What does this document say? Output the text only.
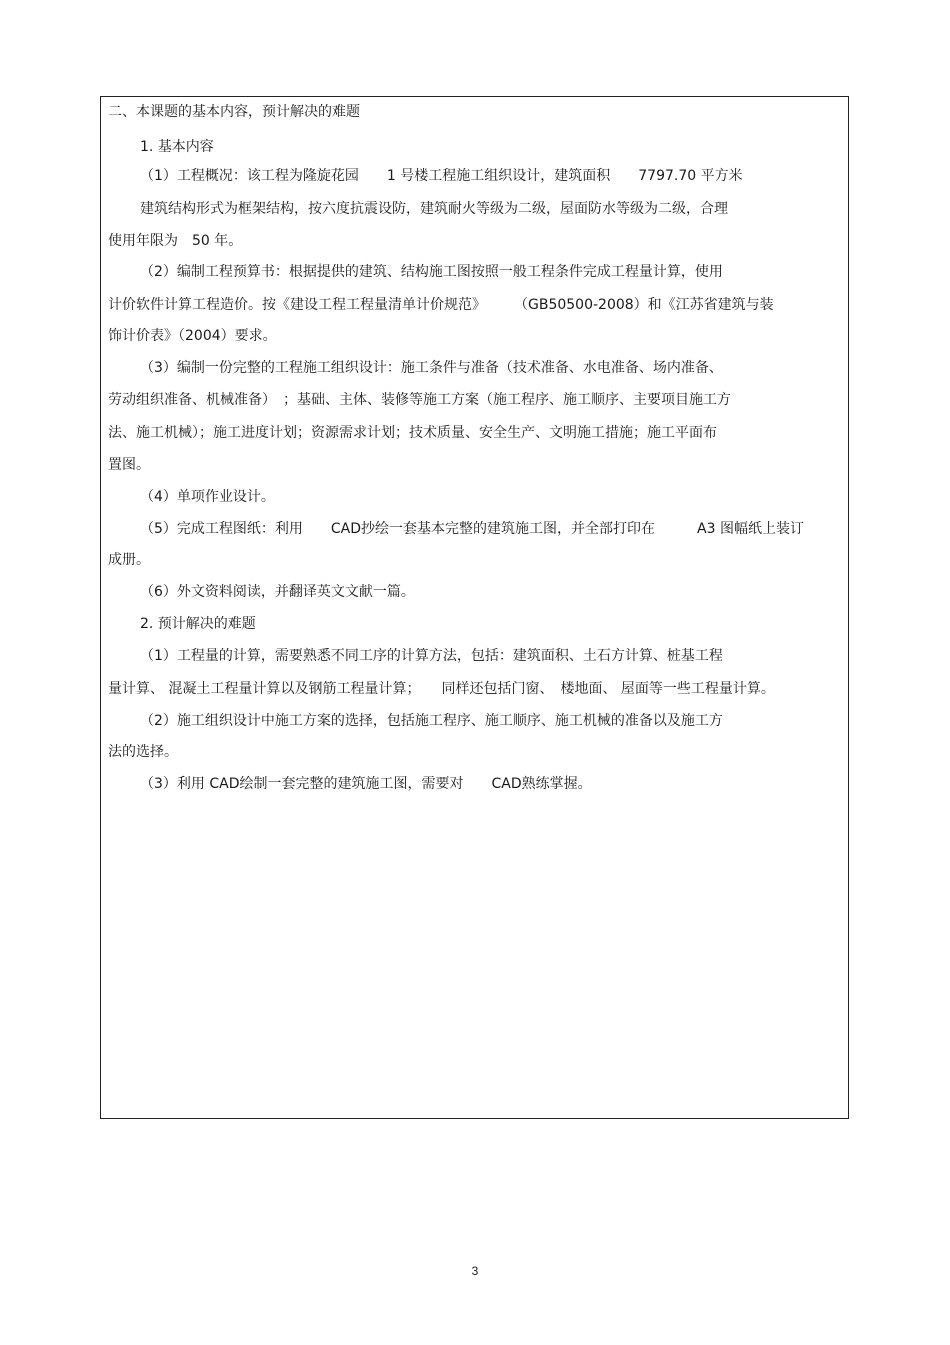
二、本课题的基本内容，预计解决的难题
1. 基本内容
（1）工程概况：该工程为隆旋花园　　1 号楼工程施工组织设计，建筑面积　　7797.70 平方米
建筑结构形式为框架结构，按六度抗震设防，建筑耐火等级为二级，屋面防水等级为二级，合理
使用年限为　50 年。
（2）编制工程预算书：根据提供的建筑、结构施工图按照一般工程条件完成工程量计算，使用
计价软件计算工程造价。按《建设工程工程量清单计价规范》　　　（GB50500-2008）和《江苏省建筑与装
饰计价表》（2004）要求。
（3）编制一份完整的工程施工组织设计：施工条件与准备（技术准备、水电准备、场内准备、
劳动组织准备、机械准备）　；基础、主体、装修等施工方案（施工程序、施工顺序、主要项目施工方
法、施工机械）；施工进度计划；资源需求计划；技术质量、安全生产、文明施工措施；施工平面布
置图。
（4）单项作业设计。
（5）完成工程图纸：利用　　CAD抄绘一套基本完整的建筑施工图，并全部打印在　　　A3 图幅纸上装订
成册。
（6）外文资料阅读，并翻译英文文献一篇。
2. 预计解决的难题
（1）工程量的计算，需要熟悉不同工序的计算方法，包括：建筑面积、土石方计算、桩基工程
量计算、 混凝土工程量计算以及钢筋工程量计算；　　同样还包括门窗、　楼地面、 屋面等一些工程量计算。
（2）施工组织设计中施工方案的选择，包括施工程序、施工顺序、施工机械的准备以及施工方
法的选择。
（3）利用 CAD绘制一套完整的建筑施工图，需要对　　CAD熟练掌握。
3
